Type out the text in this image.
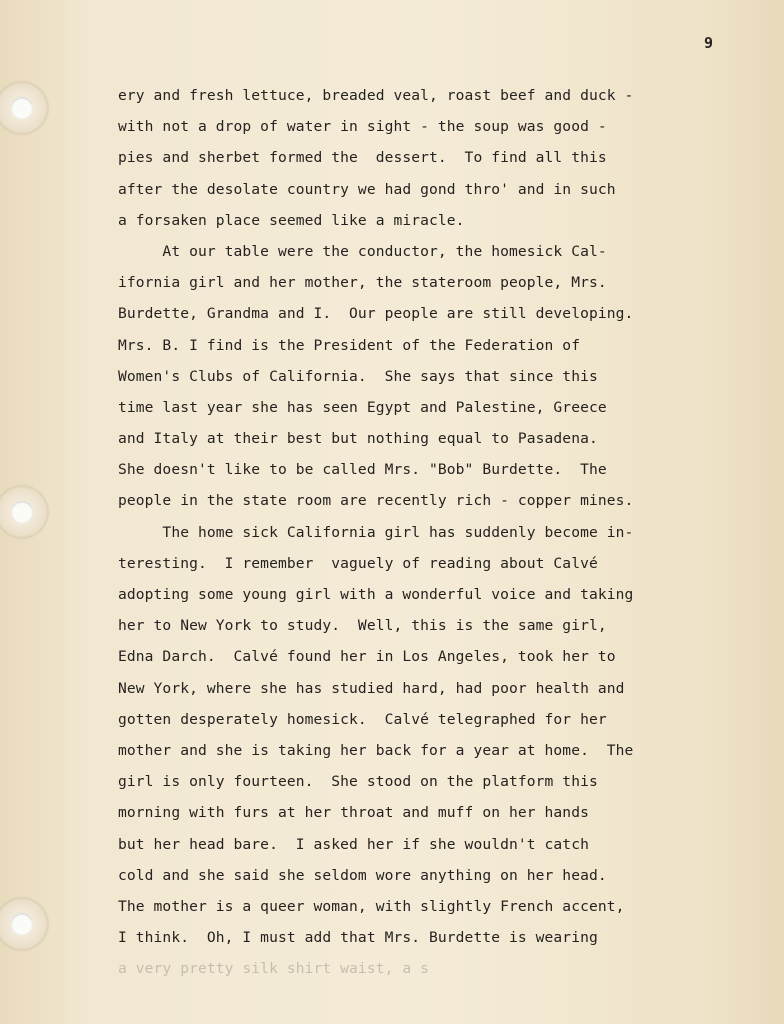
9
ery and fresh lettuce, breaded veal, roast beef and duck -
with not a drop of water in sight - the soup was good -
pies and sherbet formed the  dessert.  To find all this
after the desolate country we had gond thro' and in such
a forsaken place seemed like a miracle.
At our table were the conductor, the homesick Cal-
ifornia girl and her mother, the stateroom people, Mrs.
Burdette, Grandma and I.  Our people are still developing.
Mrs. B. I find is the President of the Federation of
Women's Clubs of California.  She says that since this
time last year she has seen Egypt and Palestine, Greece
and Italy at their best but nothing equal to Pasadena.
She doesn't like to be called Mrs. "Bob" Burdette.  The
people in the state room are recently rich - copper mines.
The home sick California girl has suddenly become in-
teresting.  I remember  vaguely of reading about Calvé
adopting some young girl with a wonderful voice and taking
her to New York to study.  Well, this is the same girl,
Edna Darch.  Calvé found her in Los Angeles, took her to
New York, where she has studied hard, had poor health and
gotten desperately homesick.  Calvé telegraphed for her
mother and she is taking her back for a year at home.  The
girl is only fourteen.  She stood on the platform this
morning with furs at her throat and muff on her hands
but her head bare.  I asked her if she wouldn't catch
cold and she said she seldom wore anything on her head.
The mother is a queer woman, with slightly French accent,
I think.  Oh, I must add that Mrs. Burdette is wearing
a very pretty silk shirt waist, a s
